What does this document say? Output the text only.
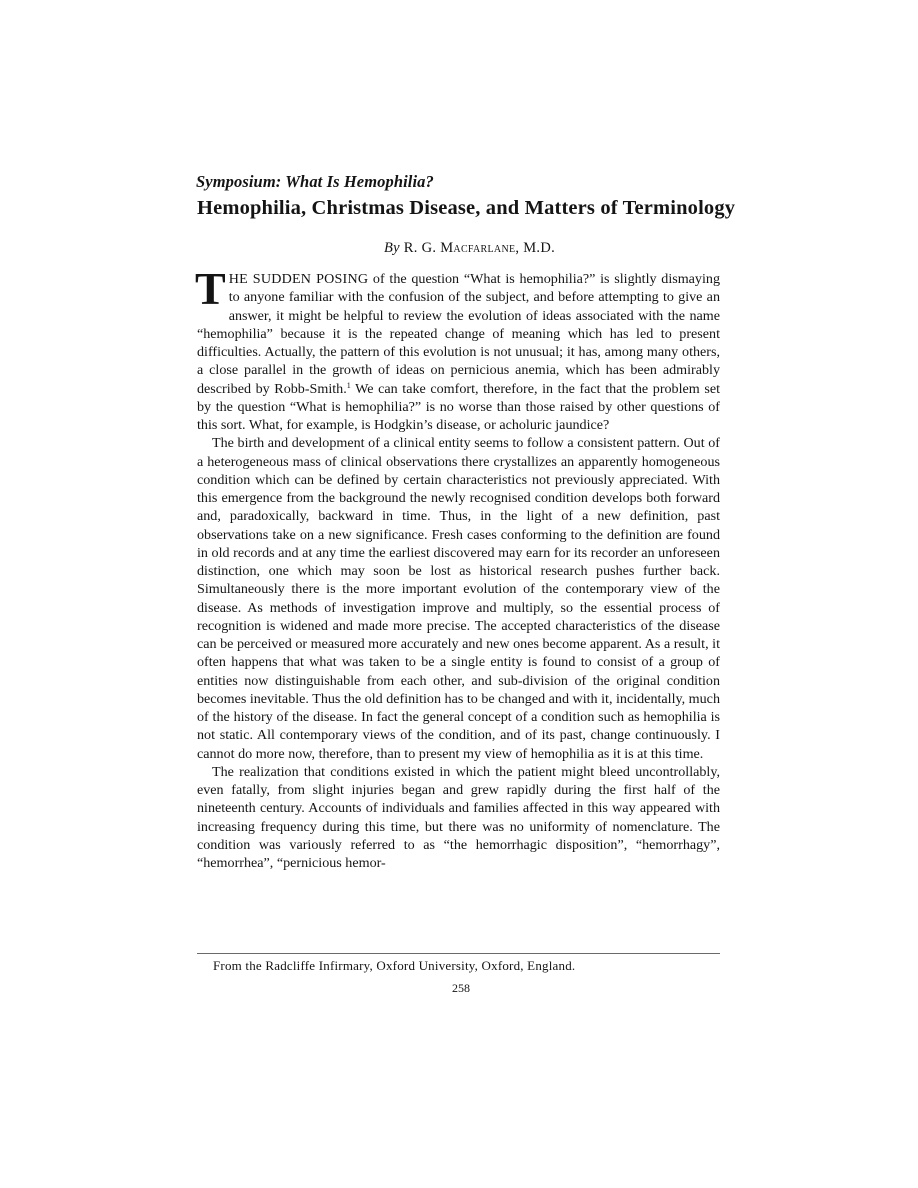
Symposium: What Is Hemophilia?
Hemophilia, Christmas Disease, and Matters of Terminology
By R. G. Macfarlane, M.D.

THE SUDDEN POSING of the question “What is hemophilia?” is slightly dismaying to anyone familiar with the confusion of the subject, and before attempting to give an answer, it might be helpful to review the evolution of ideas associated with the name “hemophilia” because it is the repeated change of meaning which has led to present difficulties. Actually, the pattern of this evolution is not unusual; it has, among many others, a close parallel in the growth of ideas on pernicious anemia, which has been admirably described by Robb-Smith.$^1$ We can take comfort, therefore, in the fact that the problem set by the question “What is hemophilia?” is no worse than those raised by other questions of this sort. What, for example, is Hodgkin’s disease, or acholuric jaundice?

The birth and development of a clinical entity seems to follow a consistent pattern. Out of a heterogeneous mass of clinical observations there crystallizes an apparently homogeneous condition which can be defined by certain characteristics not previously appreciated. With this emergence from the background the newly recognised condition develops both forward and, paradoxically, backward in time. Thus, in the light of a new definition, past observations take on a new significance. Fresh cases conforming to the definition are found in old records and at any time the earliest discovered may earn for its recorder an unforeseen distinction, one which may soon be lost as historical research pushes further back. Simultaneously there is the more important evolution of the contemporary view of the disease. As methods of investigation improve and multiply, so the essential process of recognition is widened and made more precise. The accepted characteristics of the disease can be perceived or measured more accurately and new ones become apparent. As a result, it often happens that what was taken to be a single entity is found to consist of a group of entities now distinguishable from each other, and sub-division of the original condition becomes inevitable. Thus the old definition has to be changed and with it, incidentally, much of the history of the disease. In fact the general concept of a condition such as hemophilia is not static. All contemporary views of the condition, and of its past, change continuously. I cannot do more now, therefore, than to present my view of hemophilia as it is at this time.

The realization that conditions existed in which the patient might bleed uncontrollably, even fatally, from slight injuries began and grew rapidly during the first half of the nineteenth century. Accounts of individuals and families affected in this way appeared with increasing frequency during this time, but there was no uniformity of nomenclature. The condition was variously referred to as “the hemorrhagic disposition”, “hemorrhagy”, “hemorrhea”, “pernicious hemor-

From the Radcliffe Infirmary, Oxford University, Oxford, England.
258
